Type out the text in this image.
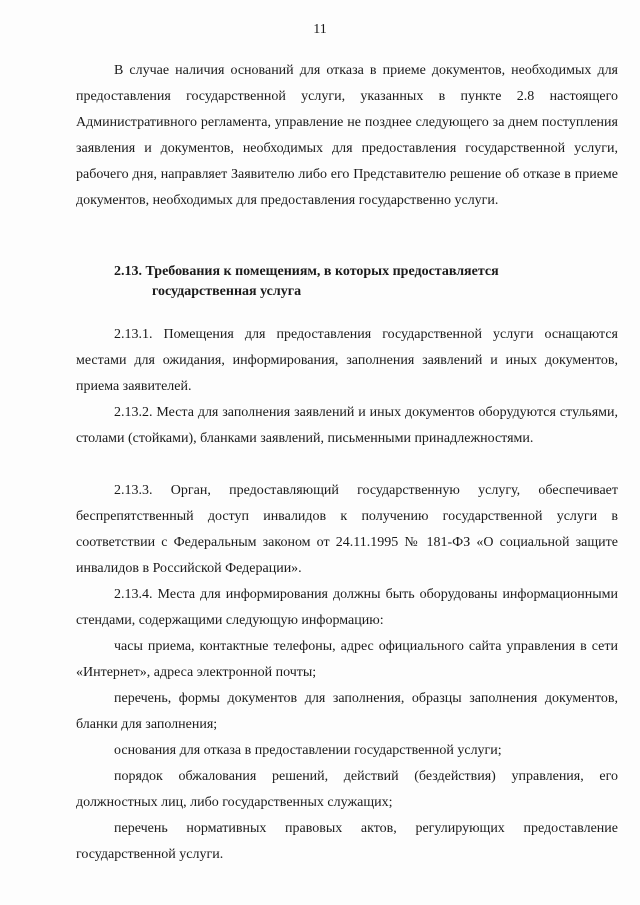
11

В случае наличия оснований для отказа в приеме документов, необходимых для предоставления государственной услуги, указанных в пункте 2.8 настоящего Административного регламента, управление не позднее следующего за днем поступления заявления и документов, необходимых для предоставления государственной услуги, рабочего дня, направляет Заявителю либо его Представителю решение об отказе в приеме документов, необходимых для предоставления государственно услуги.

2.13. Требования к помещениям, в которых предоставляется
государственная услуга

2.13.1. Помещения для предоставления государственной услуги оснащаются местами для ожидания, информирования, заполнения заявлений и иных документов, приема заявителей.

2.13.2. Места для заполнения заявлений и иных документов оборудуются стульями, столами (стойками), бланками заявлений, письменными принадлежностями.

2.13.3. Орган, предоставляющий государственную услугу, обеспечивает беспрепятственный доступ инвалидов к получению государственной услуги в соответствии с Федеральным законом от 24.11.1995 № 181-ФЗ «О социальной защите инвалидов в Российской Федерации».

2.13.4. Места для информирования должны быть оборудованы информационными стендами, содержащими следующую информацию:

часы приема, контактные телефоны, адрес официального сайта управления в сети «Интернет», адреса электронной почты;

перечень, формы документов для заполнения, образцы заполнения документов, бланки для заполнения;

основания для отказа в предоставлении государственной услуги;

порядок обжалования решений, действий (бездействия) управления, его должностных лиц, либо государственных служащих;

перечень нормативных правовых актов, регулирующих предоставление государственной услуги.
